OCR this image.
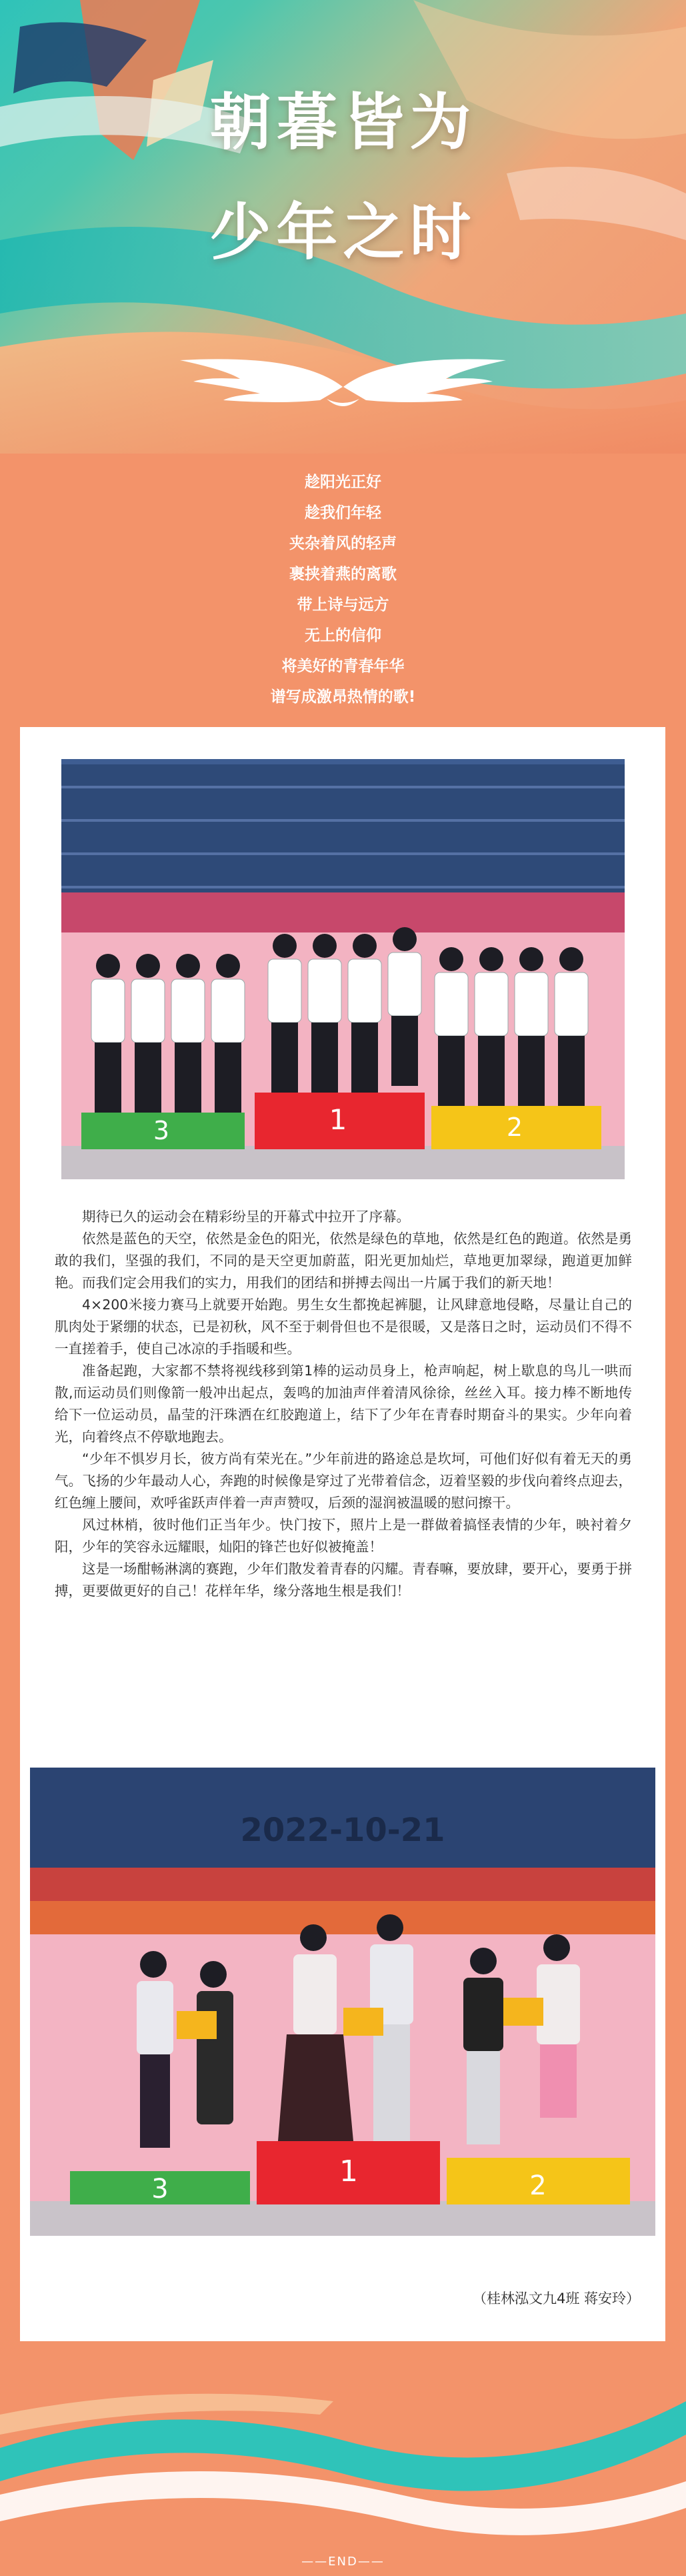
朝暮皆为
少年之时
趁阳光正好
趁我们年轻
夹杂着风的轻声
裹挟着燕的离歌
带上诗与远方
无上的信仰
将美好的青春年华
谱写成激昂热情的歌!
3	1	2

期待已久的运动会在精彩纷呈的开幕式中拉开了序幕。

依然是蓝色的天空，依然是金色的阳光，依然是绿色的草地，依然是红色的跑道。依然是勇敢的我们，坚强的我们，不同的是天空更加蔚蓝，阳光更加灿烂，草地更加翠绿，跑道更加鲜艳。而我们定会用我们的实力，用我们的团结和拼搏去闯出一片属于我们的新天地！

4×200米接力赛马上就要开始跑。男生女生都挽起裤腿，让风肆意地侵略，尽量让自己的肌肉处于紧绷的状态，已是初秋，风不至于刺骨但也不是很暖，又是落日之时，运动员们不得不一直搓着手，使自己冰凉的手指暖和些。

准备起跑，大家都不禁将视线移到第1棒的运动员身上，枪声响起，树上歇息的鸟儿一哄而散,而运动员们则像箭一般冲出起点，轰鸣的加油声伴着清风徐徐，丝丝入耳。接力棒不断地传给下一位运动员，晶莹的汗珠洒在红胶跑道上，结下了少年在青春时期奋斗的果实。少年向着光，向着终点不停歇地跑去。

“少年不惧岁月长，彼方尚有荣光在。”少年前进的路途总是坎坷，可他们好似有着无天的勇气。飞扬的少年最动人心，奔跑的时候像是穿过了光带着信念，迈着坚毅的步伐向着终点迎去，红色缠上腰间，欢呼雀跃声伴着一声声赞叹，后颈的湿润被温暖的慰问擦干。

风过林梢，彼时他们正当年少。快门按下，照片上是一群做着搞怪表情的少年，映衬着夕阳，少年的笑容永远耀眼，灿阳的锋芒也好似被掩盖！

这是一场酣畅淋漓的赛跑，少年们散发着青春的闪耀。青春嘛，要放肆，要开心，要勇于拼搏，更要做更好的自己！花样年华，缘分落地生根是我们！

2022-10-21
3
1	2
（桂林泓文九4班 蒋安玲）
——END——
